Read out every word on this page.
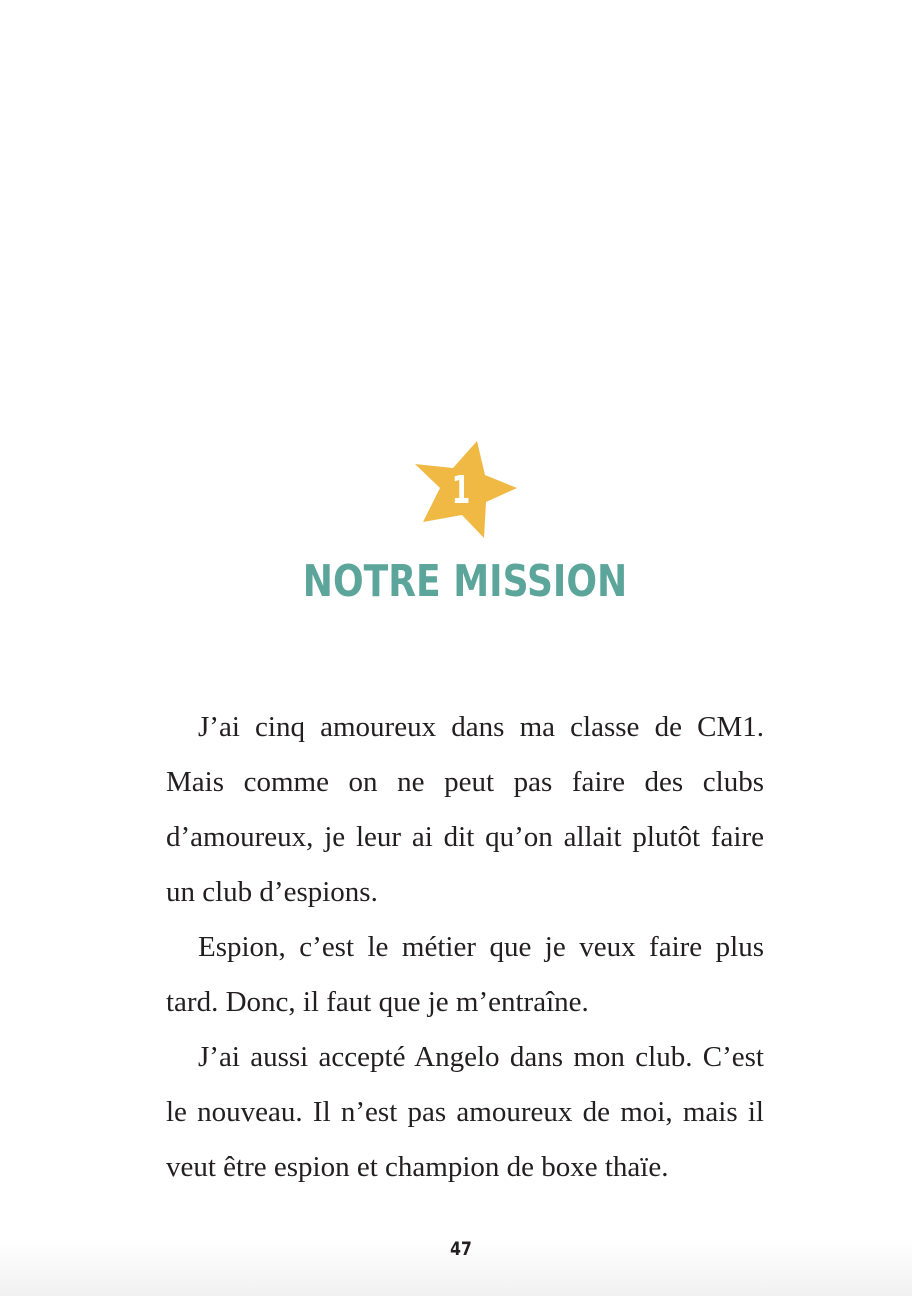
1
NOTRE MISSION

J’ai cinq amoureux dans ma classe de CM1. Mais comme on ne peut pas faire des clubs d’amoureux, je leur ai dit qu’on allait plutôt faire un club d’espions.

Espion, c’est le métier que je veux faire plus tard. Donc, il faut que je m’entraîne.

J’ai aussi accepté Angelo dans mon club. C’est le nouveau. Il n’est pas amoureux de moi, mais il veut être espion et champion de boxe thaïe.

47
